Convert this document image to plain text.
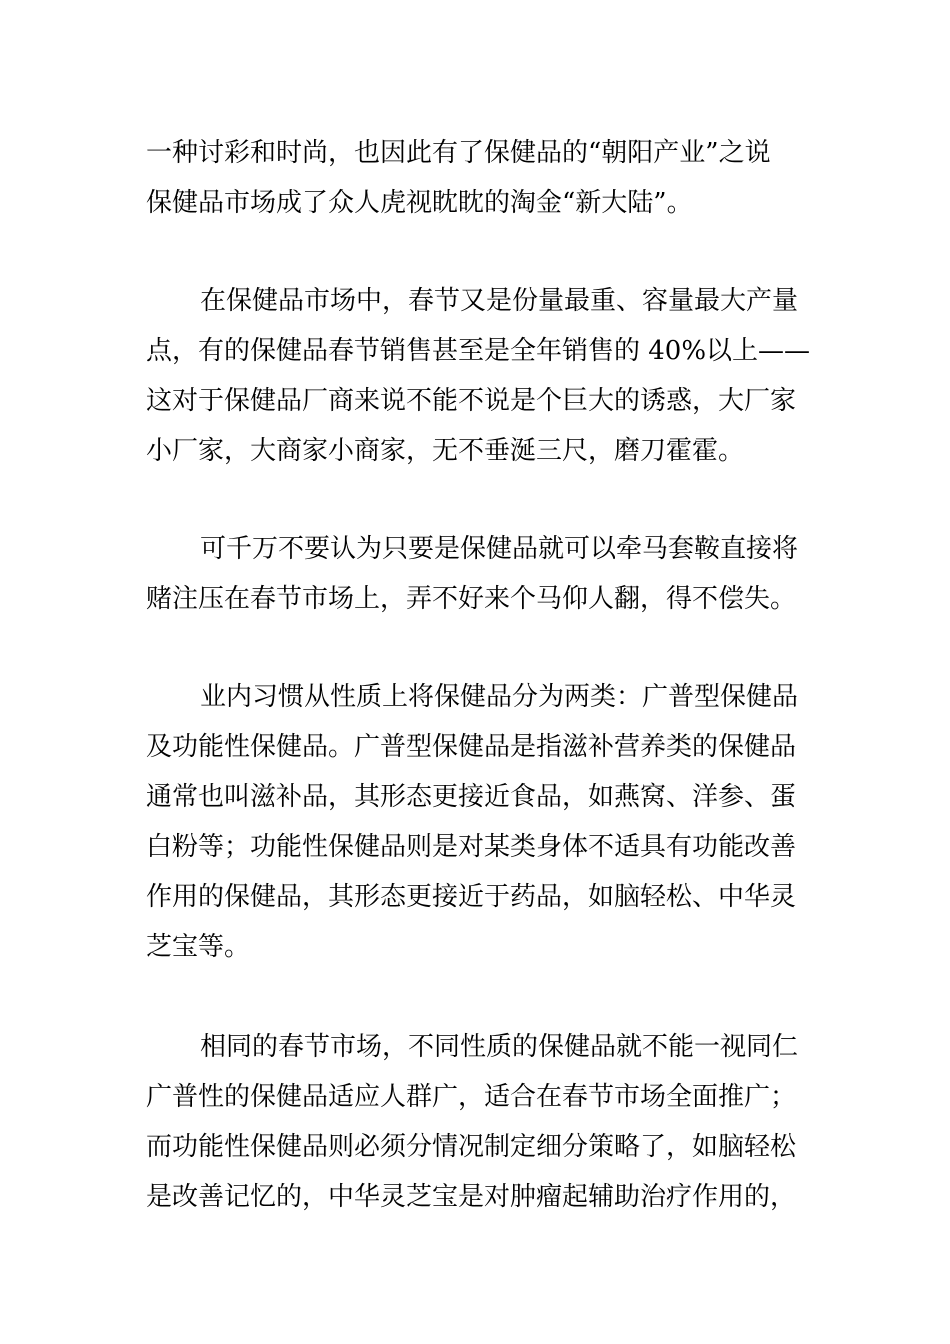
一种讨彩和时尚，也因此有了保健品的“朝阳产业”之说
保健品市场成了众人虎视眈眈的淘金“新大陆”。
在保健品市场中，春节又是份量最重、容量最大产量
点，有的保健品春节销售甚至是全年销售的 40%以上——
这对于保健品厂商来说不能不说是个巨大的诱惑，大厂家
小厂家，大商家小商家，无不垂涎三尺，磨刀霍霍。
可千万不要认为只要是保健品就可以牵马套鞍直接将
赌注压在春节市场上，弄不好来个马仰人翻，得不偿失。
业内习惯从性质上将保健品分为两类：广普型保健品
及功能性保健品。广普型保健品是指滋补营养类的保健品
通常也叫滋补品，其形态更接近食品，如燕窝、洋参、蛋
白粉等；功能性保健品则是对某类身体不适具有功能改善
作用的保健品，其形态更接近于药品，如脑轻松、中华灵
芝宝等。
相同的春节市场，不同性质的保健品就不能一视同仁
广普性的保健品适应人群广，适合在春节市场全面推广；
而功能性保健品则必须分情况制定细分策略了，如脑轻松
是改善记忆的，中华灵芝宝是对肿瘤起辅助治疗作用的，
